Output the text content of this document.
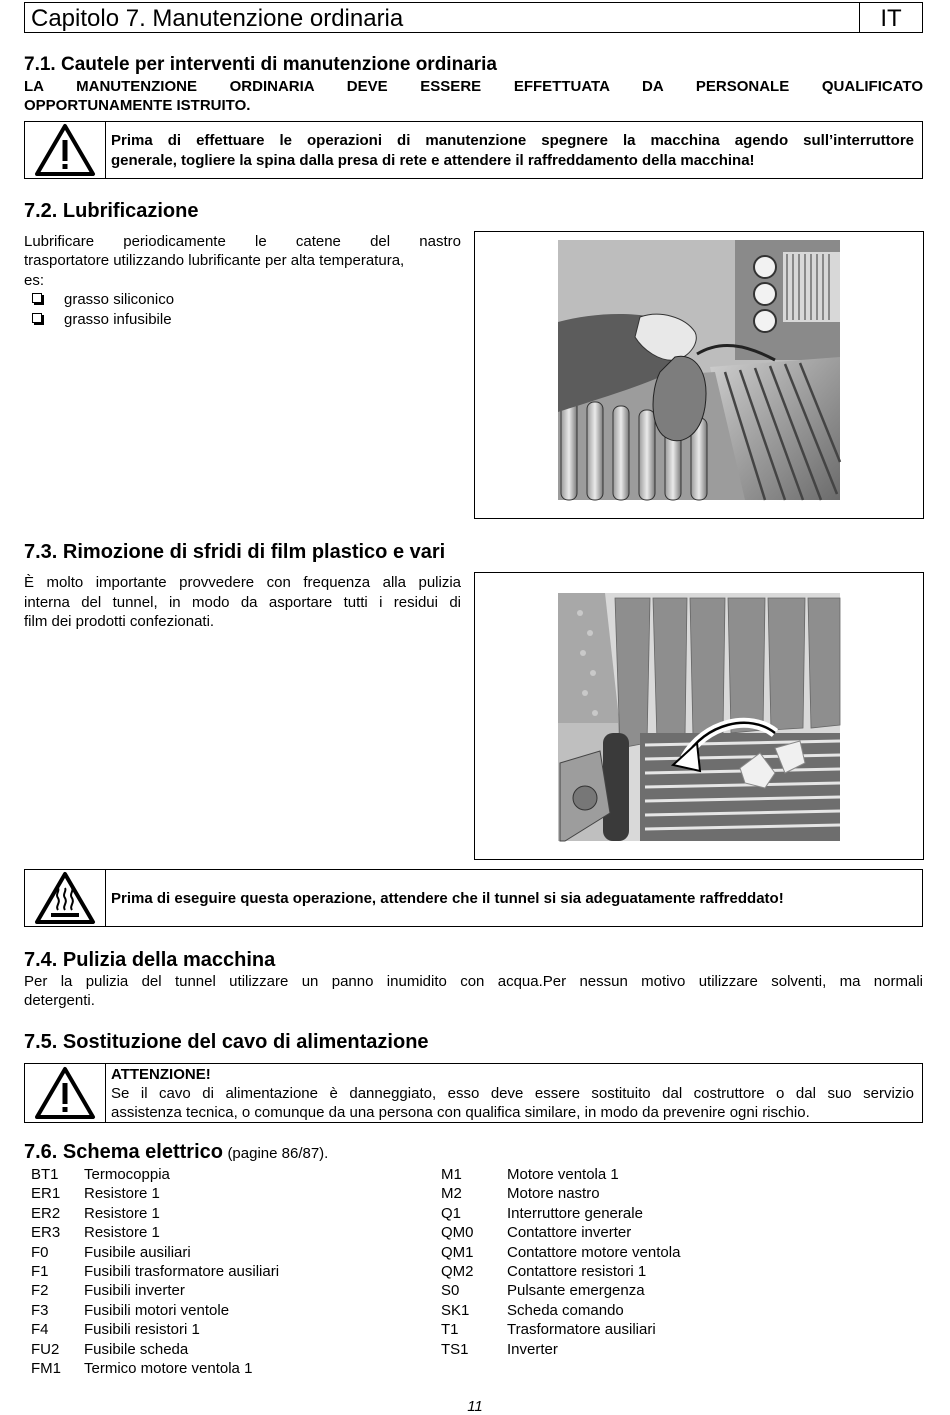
Capitolo 7. Manutenzione ordinaria	IT
7.1. Cautele per interventi di manutenzione ordinaria
LA MANUTENZIONE ORDINARIA DEVE ESSERE EFFETTUATA DA PERSONALE QUALIFICATO
OPPORTUNAMENTE ISTRUITO.
Prima di effettuare le operazioni di manutenzione spegnere la macchina agendo sull’interruttore
generale, togliere la spina dalla presa di rete e attendere il raffreddamento della macchina!
7.2. Lubrificazione
Lubrificare periodicamente le catene del nastro
trasportatore utilizzando lubrificante per alta temperatura,
es:
grasso siliconico
grasso infusibile
7.3. Rimozione di sfridi di film plastico e vari
È molto importante provvedere con frequenza alla pulizia
interna del tunnel, in modo da asportare tutti i residui di
film dei prodotti confezionati.
Prima di eseguire questa operazione, attendere che il tunnel si sia adeguatamente raffreddato!
7.4. Pulizia della macchina
Per la pulizia del tunnel utilizzare un panno inumidito con acqua.Per nessun motivo utilizzare solventi, ma normali
detergenti.
7.5. Sostituzione del cavo di alimentazione
ATTENZIONE!
Se il cavo di alimentazione è danneggiato, esso deve essere sostituito dal costruttore o dal suo servizio
assistenza tecnica, o comunque da una persona con qualifica similare, in modo da prevenire ogni rischio.
7.6. Schema elettrico (pagine 86/87).
BT1 Termocoppia
ER1 Resistore 1
ER2 Resistore 1
ER3 Resistore 1
F0 Fusibile ausiliari
F1 Fusibili trasformatore ausiliari
F2 Fusibili inverter
F3 Fusibili motori ventole
F4 Fusibili resistori 1
FU2 Fusibile scheda
FM1 Termico motore ventola 1
M1	Motore ventola 1
M2	Motore nastro
Q1	Interruttore generale
QM0 Contattore inverter
QM1 Contattore motore ventola
QM2 Contattore resistori 1
S0	Pulsante emergenza
SK1	Scheda comando
T1	Trasformatore ausiliari
TS1	Inverter
11
